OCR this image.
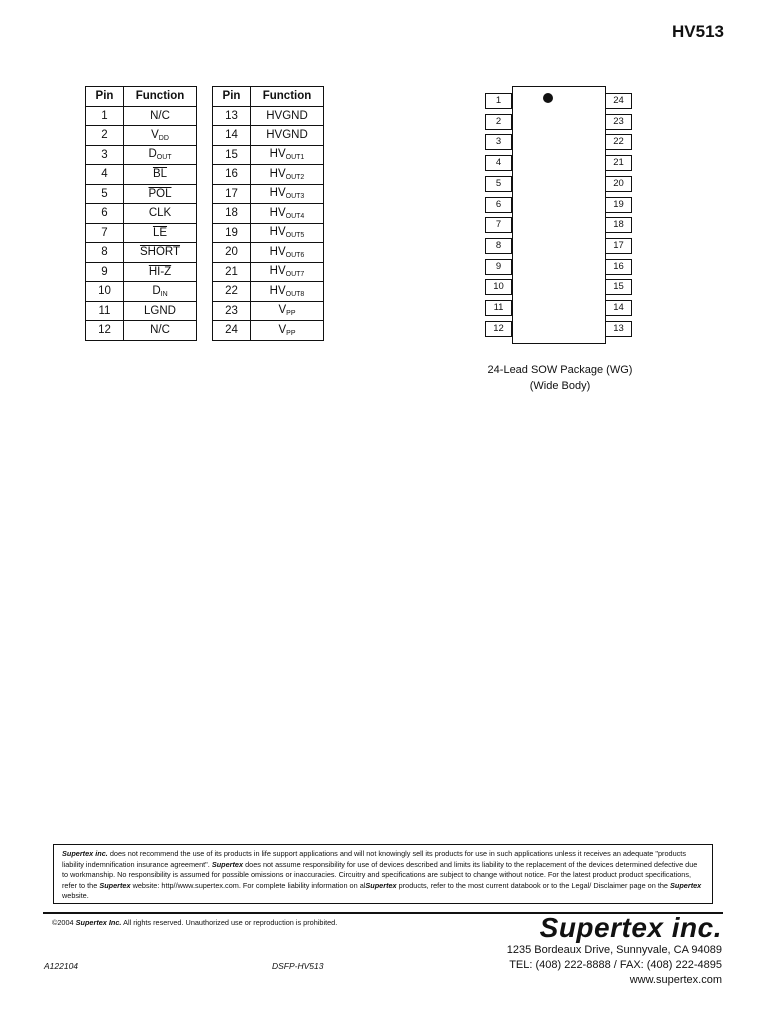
HV513
Pin	Function
1	N/C
2	$V_{DD}$
3	$D_{OUT}$
4	$\overline{BL}$
5	$\overline{POL}$
6	CLK
7	$\overline{LE}$
8	SHORT
9	HI-Z
10	$D_{IN}$
11	LGND
12	N/C
Pin	Function
13	HVGND
14	HVGND
15	$HV_{OUT1}$
16	$HV_{OUT2}$
17	$HV_{OUT3}$
18	$HV_{OUT4}$
19	$HV_{OUT5}$
20	$HV_{OUT6}$
21	$HV_{OUT7}$
22	$HV_{OUT8}$
23	$V_{PP}$
24	$V_{PP}$
1
2
3
4
5
6
7
8
9
10
11
12
24
23
22
21
20
19
18
17
16
15
14
13
24-Lead SOW Package (WG)
(Wide Body)
Supertex inc. does not recommend the use of its products in life support applications and will not knowingly sell its products for use in such applications unless it receives an adequate "products liability indemnification insurance agreement". Supertex does not assume responsibility for use of devices described and limits its liability to the replacement of the devices determined defective due to workmanship. No responsibility is assumed for possible omissions or inaccuracies. Circuitry and specifications are subject to change without notice. For the latest product product specifications, refer to the Supertex website: http//www.supertex.com. For complete liability information on alSupertex products, refer to the most current databook or to the Legal/ Disclaimer page on the Supertex website.
©2004 Supertex Inc. All rights reserved. Unauthorized use or reproduction is prohibited.	Supertex inc.
1235 Bordeaux Drive, Sunnyvale, CA 94089
TEL: (408) 222-8888 / FAX: (408) 222-4895
www.supertex.com
A122104	DSFP-HV513
